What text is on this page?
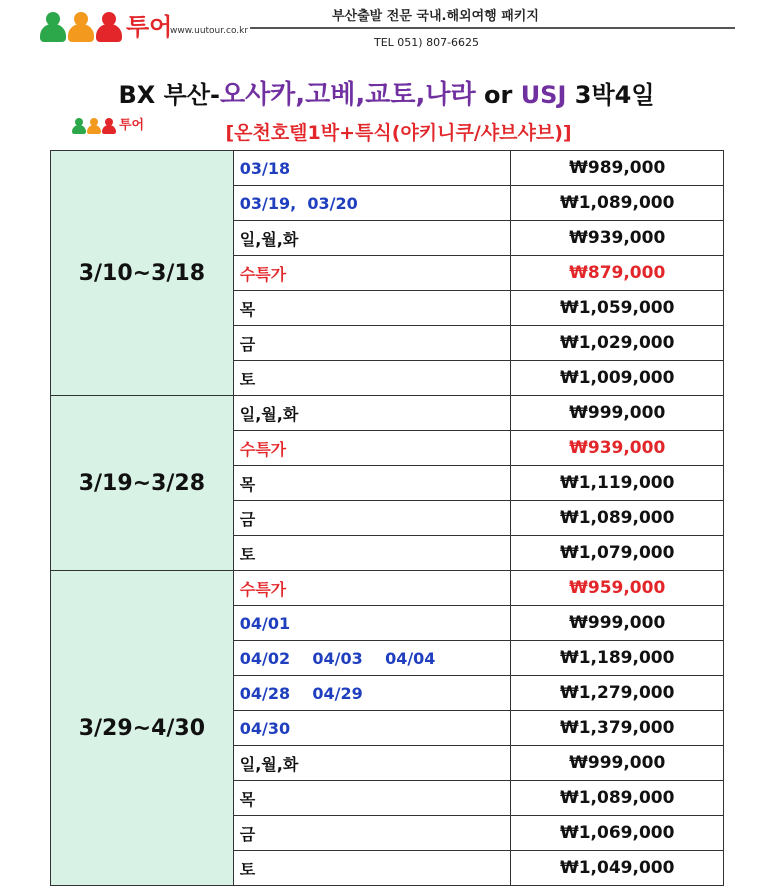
투어
www.uutour.co.kr
부산출발 전문 국내.해외여행 패키지
TEL 051) 807-6625
BX 부산-오사카,고베,교토,나라 or USJ 3박4일
투어	[온천호텔1박+특식(야키니쿠/샤브샤브)]
3/10~3/18	03/18	₩989,000
	03/19,  03/20	₩1,089,000
	일,월,화	₩939,000
	수특가	₩879,000
	목	₩1,059,000
	금	₩1,029,000
	토	₩1,009,000
3/19~3/28	일,월,화	₩999,000
	수특가	₩939,000
	목	₩1,119,000
	금	₩1,089,000
	토	₩1,079,000
3/29~4/30	수특가	₩959,000
	04/01	₩999,000
	04/02    04/03    04/04	₩1,189,000
	04/28    04/29	₩1,279,000
	04/30	₩1,379,000
	일,월,화	₩999,000
	목	₩1,089,000
	금	₩1,069,000
	토	₩1,049,000
